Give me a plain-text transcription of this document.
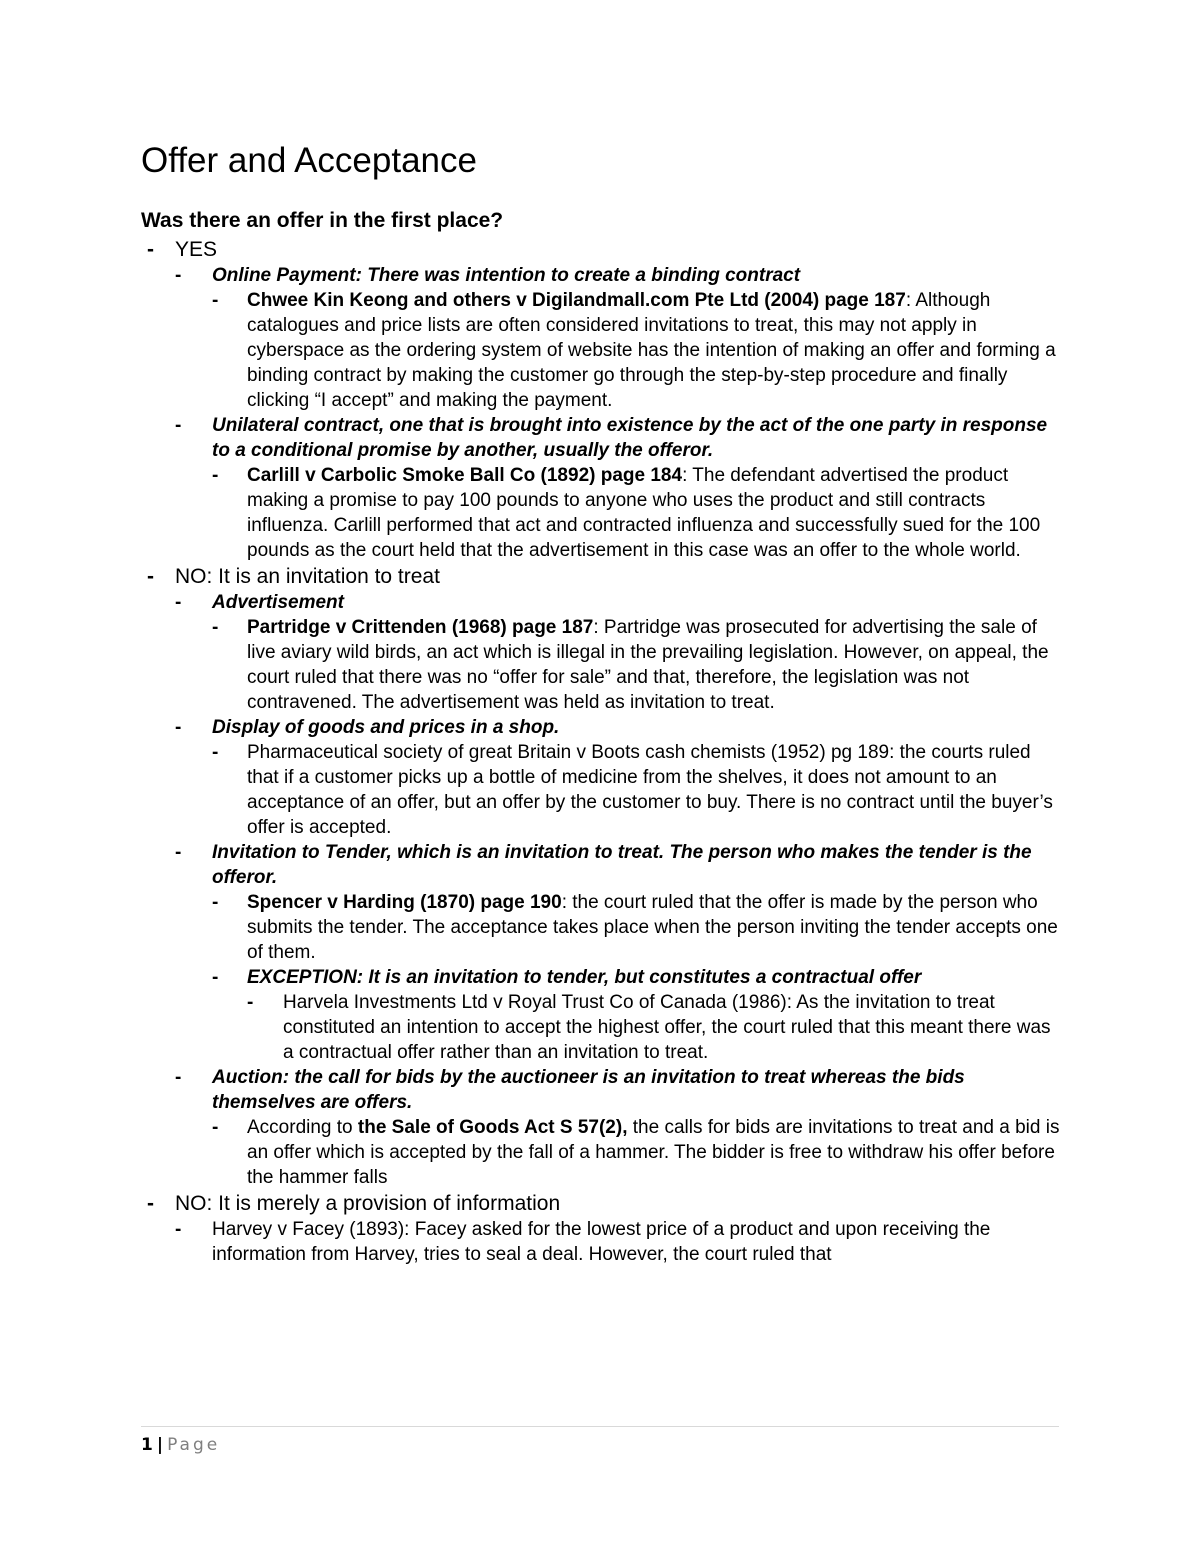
Offer and Acceptance

Was there an offer in the first place?

- YES
- Online Payment: There was intention to create a binding contract
- Chwee Kin Keong and others v Digilandmall.com Pte Ltd (2004) page 187: Although catalogues and price lists are often considered invitations to treat, this may not apply in cyberspace as the ordering system of website has the intention of making an offer and forming a binding contract by making the customer go through the step-by-step procedure and finally clicking “I accept” and making the payment.
- Unilateral contract, one that is brought into existence by the act of the one party in response to a conditional promise by another, usually the offeror.
- Carlill v Carbolic Smoke Ball Co (1892) page 184: The defendant advertised the product making a promise to pay 100 pounds to anyone who uses the product and still contracts influenza. Carlill performed that act and contracted influenza and successfully sued for the 100 pounds as the court held that the advertisement in this case was an offer to the whole world.
- NO: It is an invitation to treat
- Advertisement
- Partridge v Crittenden (1968) page 187: Partridge was prosecuted for advertising the sale of live aviary wild birds, an act which is illegal in the prevailing legislation. However, on appeal, the court ruled that there was no “offer for sale” and that, therefore, the legislation was not contravened. The advertisement was held as invitation to treat.
- Display of goods and prices in a shop.
- Pharmaceutical society of great Britain v Boots cash chemists (1952) pg 189: the courts ruled that if a customer picks up a bottle of medicine from the shelves, it does not amount to an acceptance of an offer, but an offer by the customer to buy. There is no contract until the buyer’s offer is accepted.
- Invitation to Tender, which is an invitation to treat. The person who makes the tender is the offeror.
- Spencer v Harding (1870) page 190: the court ruled that the offer is made by the person who submits the tender. The acceptance takes place when the person inviting the tender accepts one of them.
- EXCEPTION: It is an invitation to tender, but constitutes a contractual offer
- Harvela Investments Ltd v Royal Trust Co of Canada (1986): As the invitation to treat constituted an intention to accept the highest offer, the court ruled that this meant there was a contractual offer rather than an invitation to treat.
- Auction: the call for bids by the auctioneer is an invitation to treat whereas the bids themselves are offers.
- According to the Sale of Goods Act S 57(2), the calls for bids are invitations to treat and a bid is an offer which is accepted by the fall of a hammer. The bidder is free to withdraw his offer before the hammer falls
- NO: It is merely a provision of information
- Harvey v Facey (1893): Facey asked for the lowest price of a product and upon receiving the information from Harvey, tries to seal a deal. However, the court ruled that
1 | Page
